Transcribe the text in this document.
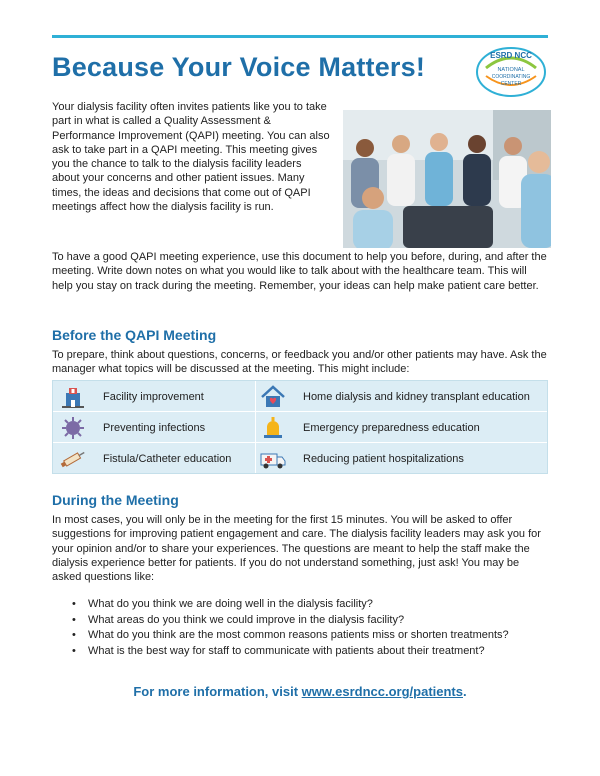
Because Your Voice Matters!	ESRD NCC
NATIONAL
COORDINATING
CENTER

Your dialysis facility often invites patients like you to take part in what is called a Quality Assessment & Performance Improvement (QAPI) meeting. You can also ask to take part in a QAPI meeting. This meeting gives you the chance to talk to the dialysis facility leaders about your concerns and other patient issues. Many times, the ideas and decisions that come out of QAPI meetings affect how the dialysis facility is run.

To have a good QAPI meeting experience, use this document to help you before, during, and after the meeting. Write down notes on what you would like to talk about with the healthcare team. This will help you stay on track during the meeting. Remember, your ideas can help make patient care better.

Before the QAPI Meeting

To prepare, think about questions, concerns, or feedback you and/or other patients may have. Ask the manager what topics will be discussed at the meeting. This might include:

Facility improvement	Home dialysis and kidney transplant education
Preventing infections	Emergency preparedness education
Fistula/Catheter education	Reducing patient hospitalizations
During the Meeting

In most cases, you will only be in the meeting for the first 15 minutes. You will be asked to offer suggestions for improving patient engagement and care. The dialysis facility leaders may ask you for your opinion and/or to share your experiences. The questions are meant to help the staff make the dialysis experience better for patients. If you do not understand something, just ask! You may be asked questions like:

• What do you think we are doing well in the dialysis facility?
• What areas do you think we could improve in the dialysis facility?
• What do you think are the most common reasons patients miss or shorten treatments?
• What is the best way for staff to communicate with patients about their treatment?

For more information, visit www.esrdncc.org/patients.
